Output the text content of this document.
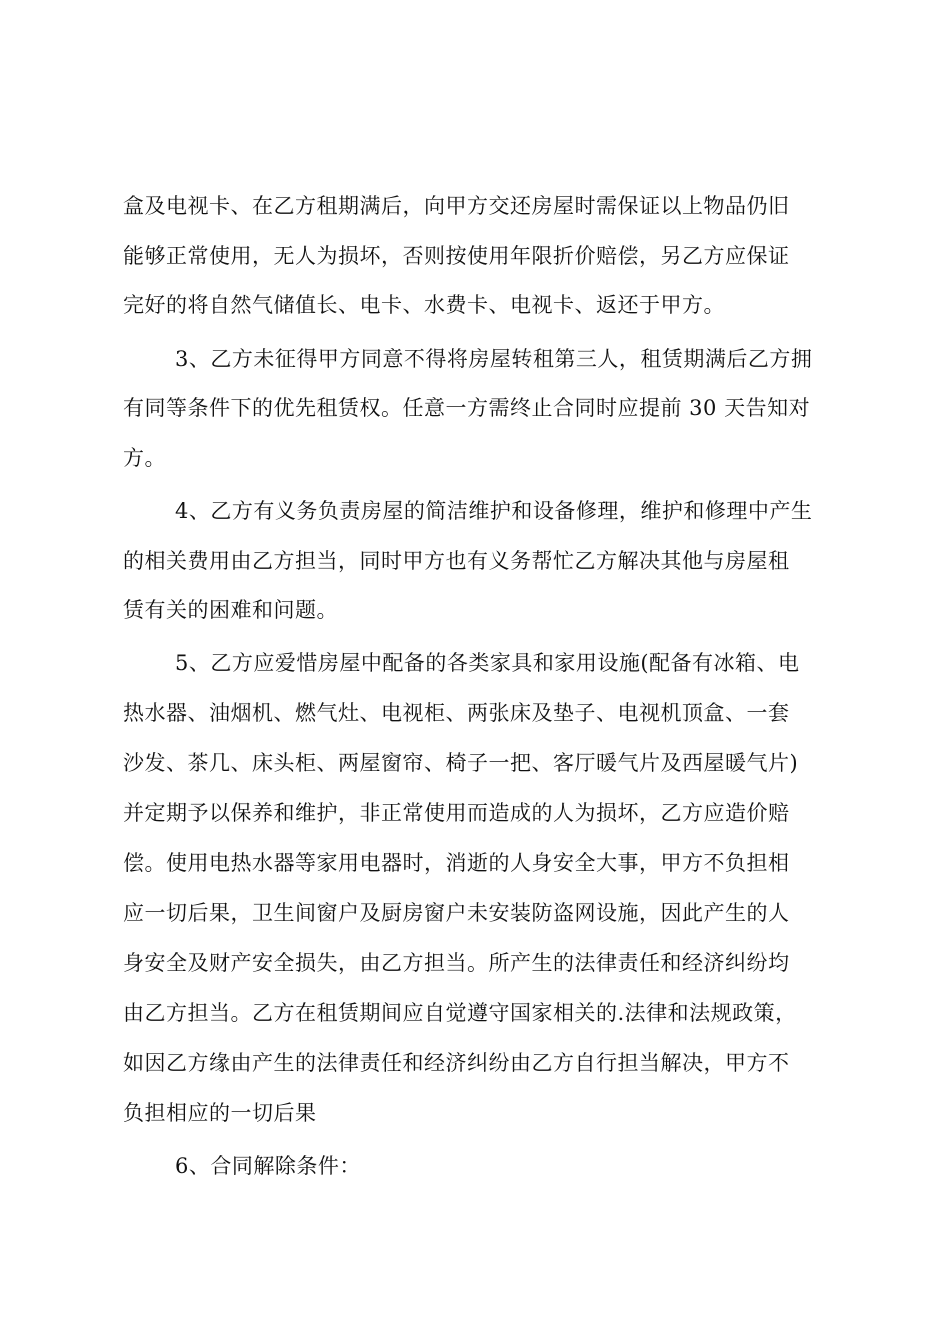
盒及电视卡、在乙方租期满后，向甲方交还房屋时需保证以上物品仍旧
能够正常使用，无人为损坏，否则按使用年限折价赔偿，另乙方应保证
完好的将自然气储值长、电卡、水费卡、电视卡、返还于甲方。
3、乙方未征得甲方同意不得将房屋转租第三人，租赁期满后乙方拥
有同等条件下的优先租赁权。任意一方需终止合同时应提前 30 天告知对
方。
4、乙方有义务负责房屋的简洁维护和设备修理，维护和修理中产生
的相关费用由乙方担当，同时甲方也有义务帮忙乙方解决其他与房屋租
赁有关的困难和问题。
5、乙方应爱惜房屋中配备的各类家具和家用设施(配备有冰箱、电
热水器、油烟机、燃气灶、电视柜、两张床及垫子、电视机顶盒、一套
沙发、茶几、床头柜、两屋窗帘、椅子一把、客厅暖气片及西屋暖气片)
并定期予以保养和维护，非正常使用而造成的人为损坏，乙方应造价赔
偿。使用电热水器等家用电器时，消逝的人身安全大事，甲方不负担相
应一切后果，卫生间窗户及厨房窗户未安装防盗网设施，因此产生的人
身安全及财产安全损失，由乙方担当。所产生的法律责任和经济纠纷均
由乙方担当。乙方在租赁期间应自觉遵守国家相关的.法律和法规政策，
如因乙方缘由产生的法律责任和经济纠纷由乙方自行担当解决，甲方不
负担相应的一切后果
6、合同解除条件：
